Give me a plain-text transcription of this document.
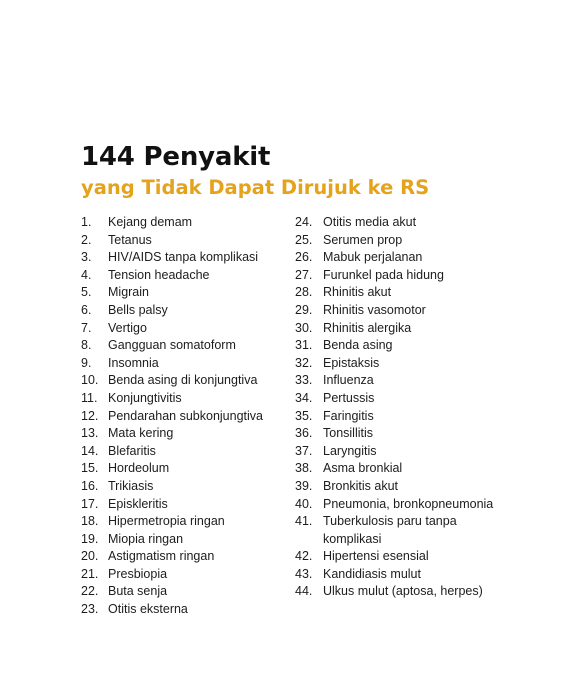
144 Penyakit
yang Tidak Dapat Dirujuk ke RS
1.	Kejang demam
2.	Tetanus
3.	HIV/AIDS tanpa komplikasi
4.	Tension headache
5.	Migrain
6.	Bells palsy
7.	Vertigo
8.	Gangguan somatoform
9.	Insomnia
10. Benda asing di konjungtiva
11. Konjungtivitis
12. Pendarahan subkonjungtiva
13. Mata kering
14. Blefaritis
15. Hordeolum
16. Trikiasis
17. Episkleritis
18. Hipermetropia ringan
19. Miopia ringan
20. Astigmatism ringan
21. Presbiopia
22. Buta senja
23. Otitis eksterna
24. Otitis media akut
25. Serumen prop
26. Mabuk perjalanan
27. Furunkel pada hidung
28. Rhinitis akut
29. Rhinitis vasomotor
30. Rhinitis alergika
31. Benda asing
32. Epistaksis
33. Influenza
34. Pertussis
35. Faringitis
36. Tonsillitis
37. Laryngitis
38. Asma bronkial
39. Bronkitis akut
40. Pneumonia, bronkopneumonia
41. Tuberkulosis paru tanpa komplikasi
42. Hipertensi esensial
43. Kandidiasis mulut
44. Ulkus mulut (aptosa, herpes)
